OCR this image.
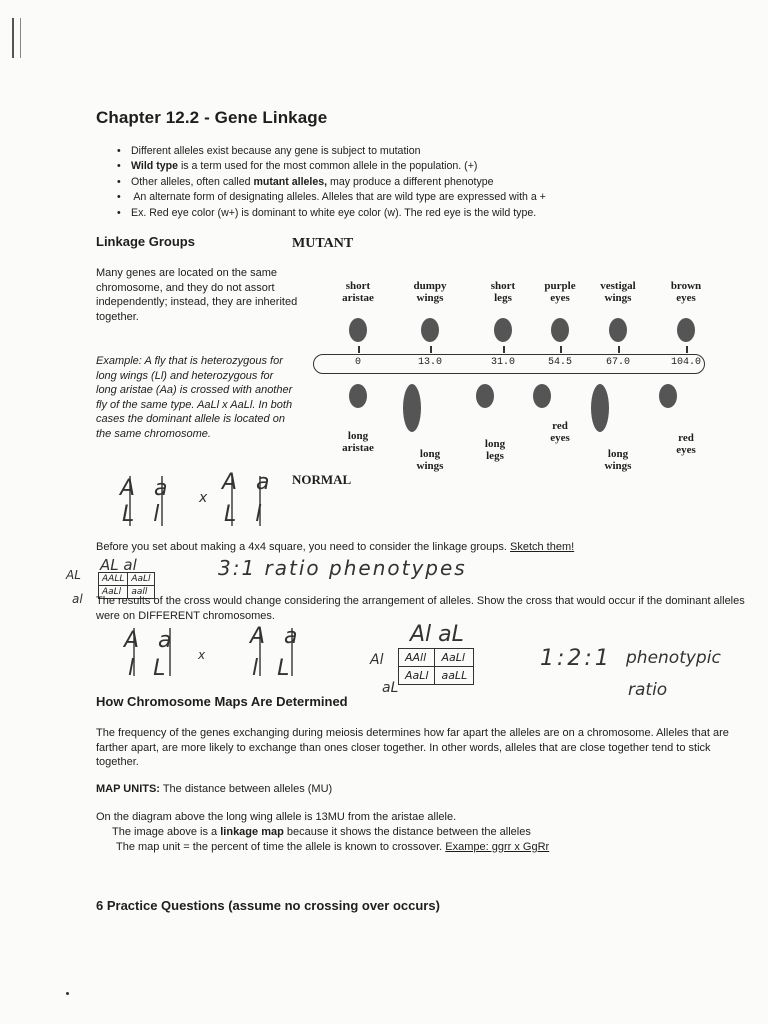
Chapter 12.2 - Gene Linkage
• Different alleles exist because any gene is subject to mutation
• Wild type is a term used for the most common allele in the population. (+)
• Other alleles, often called mutant alleles, may produce a different phenotype
• An alternate form of designating alleles. Alleles that are wild type are expressed with a +
• Ex. Red eye color (w+) is dominant to white eye color (w). The red eye is the wild type.
Linkage Groups	MUTANT
NORMAL
Many genes are located on the same chromosome, and they do not assort independently; instead, they are inherited together.
Example: A fly that is heterozygous for long wings (Ll) and heterozygous for long aristae (Aa) is crossed with another fly of the same type. AaLl x AaLl. In both cases the dominant allele is located on the same chromosome.
short
aristae
dumpy
wings
short
legs
purple
eyes
vestigal
wings
brown
eyes
0	13.0	31.0	54.5	67.0	104.0
long
aristae	long
wings
long
legs
red
eyes
long
wings
red
eyes
A a
L l
x
A a
L l
Before you set about making a 4x4 square, you need to consider the linkage groups. Sketch them!
AL al
AL
al
AALL	AaLl
AaLl	aall
3:1 ratio phenotypes
The results of the cross would change considering the arrangement of alleles. Show the cross that would occur if the dominant alleles were on DIFFERENT chromosomes.
A a
l L
x
A a
l L
Al aL
Al
aL
AAll	AaLl
AaLl	aaLL
1:2:1 phenotypic
ratio
How Chromosome Maps Are Determined
The frequency of the genes exchanging during meiosis determines how far apart the alleles are on a chromosome. Alleles that are farther apart, are more likely to exchange than ones closer together. In other words, alleles that are close together tend to stick together.
MAP UNITS: The distance between alleles (MU)
On the diagram above the long wing allele is 13MU from the aristae allele.
The image above is a linkage map because it shows the distance between the alleles
The map unit = the percent of time the allele is known to crossover. Exampe: ggrr x GgRr
6 Practice Questions (assume no crossing over occurs)
